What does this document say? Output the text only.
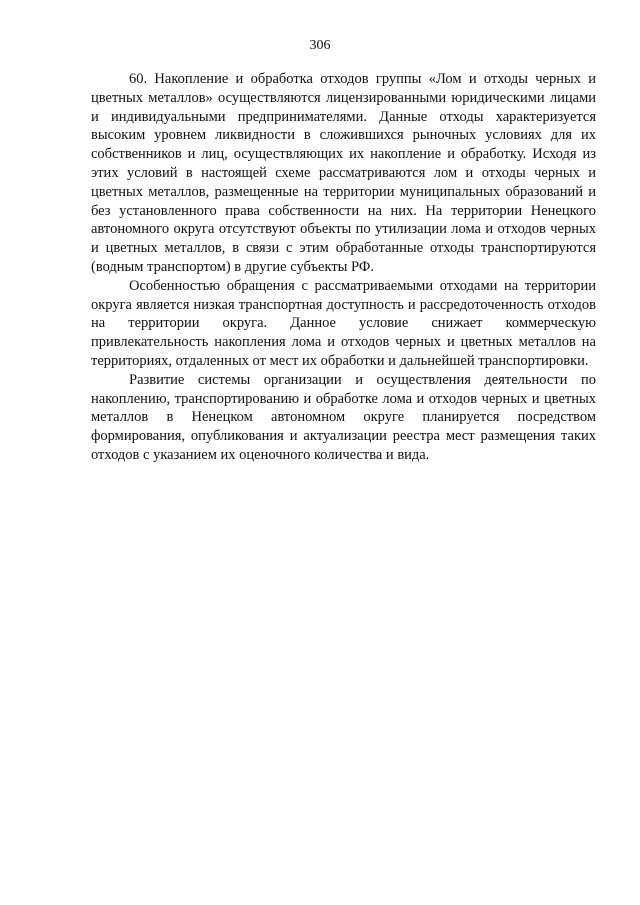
306

60. Накопление и обработка отходов группы «Лом и отходы черных и цветных металлов» осуществляются лицензированными юридическими лицами и индивидуальными предпринимателями. Данные отходы характеризуется высоким уровнем ликвидности в сложившихся рыночных условиях для их собственников и лиц, осуществляющих их накопление и обработку. Исходя из этих условий в настоящей схеме рассматриваются лом и отходы черных и цветных металлов, размещенные на территории муниципальных образований и без установленного права собственности на них. На территории Ненецкого автономного округа отсутствуют объекты по утилизации лома и отходов черных и цветных металлов, в связи с этим обработанные отходы транспортируются (водным транспортом) в другие субъекты РФ.

Особенностью обращения с рассматриваемыми отходами на территории округа является низкая транспортная доступность и рассредоточенность отходов на территории округа. Данное условие снижает коммерческую привлекательность накопления лома и отходов черных и цветных металлов на территориях, отдаленных от мест их обработки и дальнейшей транспортировки.

Развитие системы организации и осуществления деятельности по накоплению, транспортированию и обработке лома и отходов черных и цветных металлов в Ненецком автономном округе планируется посредством формирования, опубликования и актуализации реестра мест размещения таких отходов с указанием их оценочного количества и вида.
